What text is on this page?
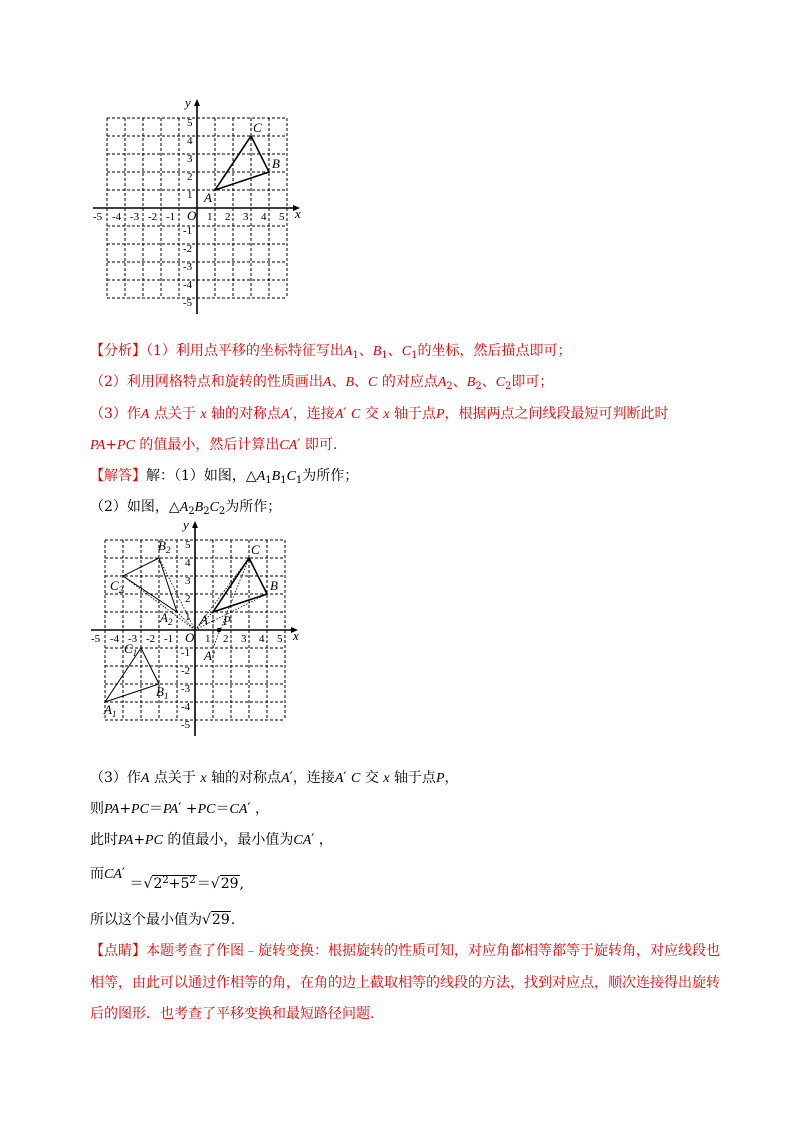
x
y
O
-5 -4 -3 -2 -1	1 2 3 4 5
5
4
3
2
1
-1
-2
-3
-4
-5
A
B
C
【分析】（1）利用点平移的坐标特征写出$A_1$、$B_1$、$C_1$的坐标，然后描点即可；
（2）利用网格特点和旋转的性质画出A、B、C 的对应点$A_2$、$B_2$、$C_2$即可；
（3）作A 点关于 x 轴的对称点A′，连接A′ C 交 x 轴于点P，根据两点之间线段最短可判断此时
PA+PC 的值最小，然后计算出CA′ 即可.
【解答】解：（1）如图，$\triangle A_1B_1C_1$为所作；
（2）如图，$\triangle A_2B_2C_2$为所作；
x
y
O
-5 -4 -3 -2 -1	1 2 3 4 5
5
4
3
2
1
-1
-2
-3
-4
-5
A
B
C
P
A′
$B_2$
$C_2$
$A_2$
$C_1$
$B_1$
$A_1$
（3）作A 点关于 x 轴的对称点A′，连接A′ C 交 x 轴于点P，
则PA+PC＝PA′ +PC＝CA′ ，
此时PA+PC 的值最小，最小值为CA′ ，
而$CA' =√2^2+5^2=√29$,
所以这个最小值为√29.
【点睛】本题考查了作图﹣旋转变换：根据旋转的性质可知，对应角都相等都等于旋转角，对应线段也
相等，由此可以通过作相等的角，在角的边上截取相等的线段的方法，找到对应点，顺次连接得出旋转
后的图形．也考查了平移变换和最短路径问题.
